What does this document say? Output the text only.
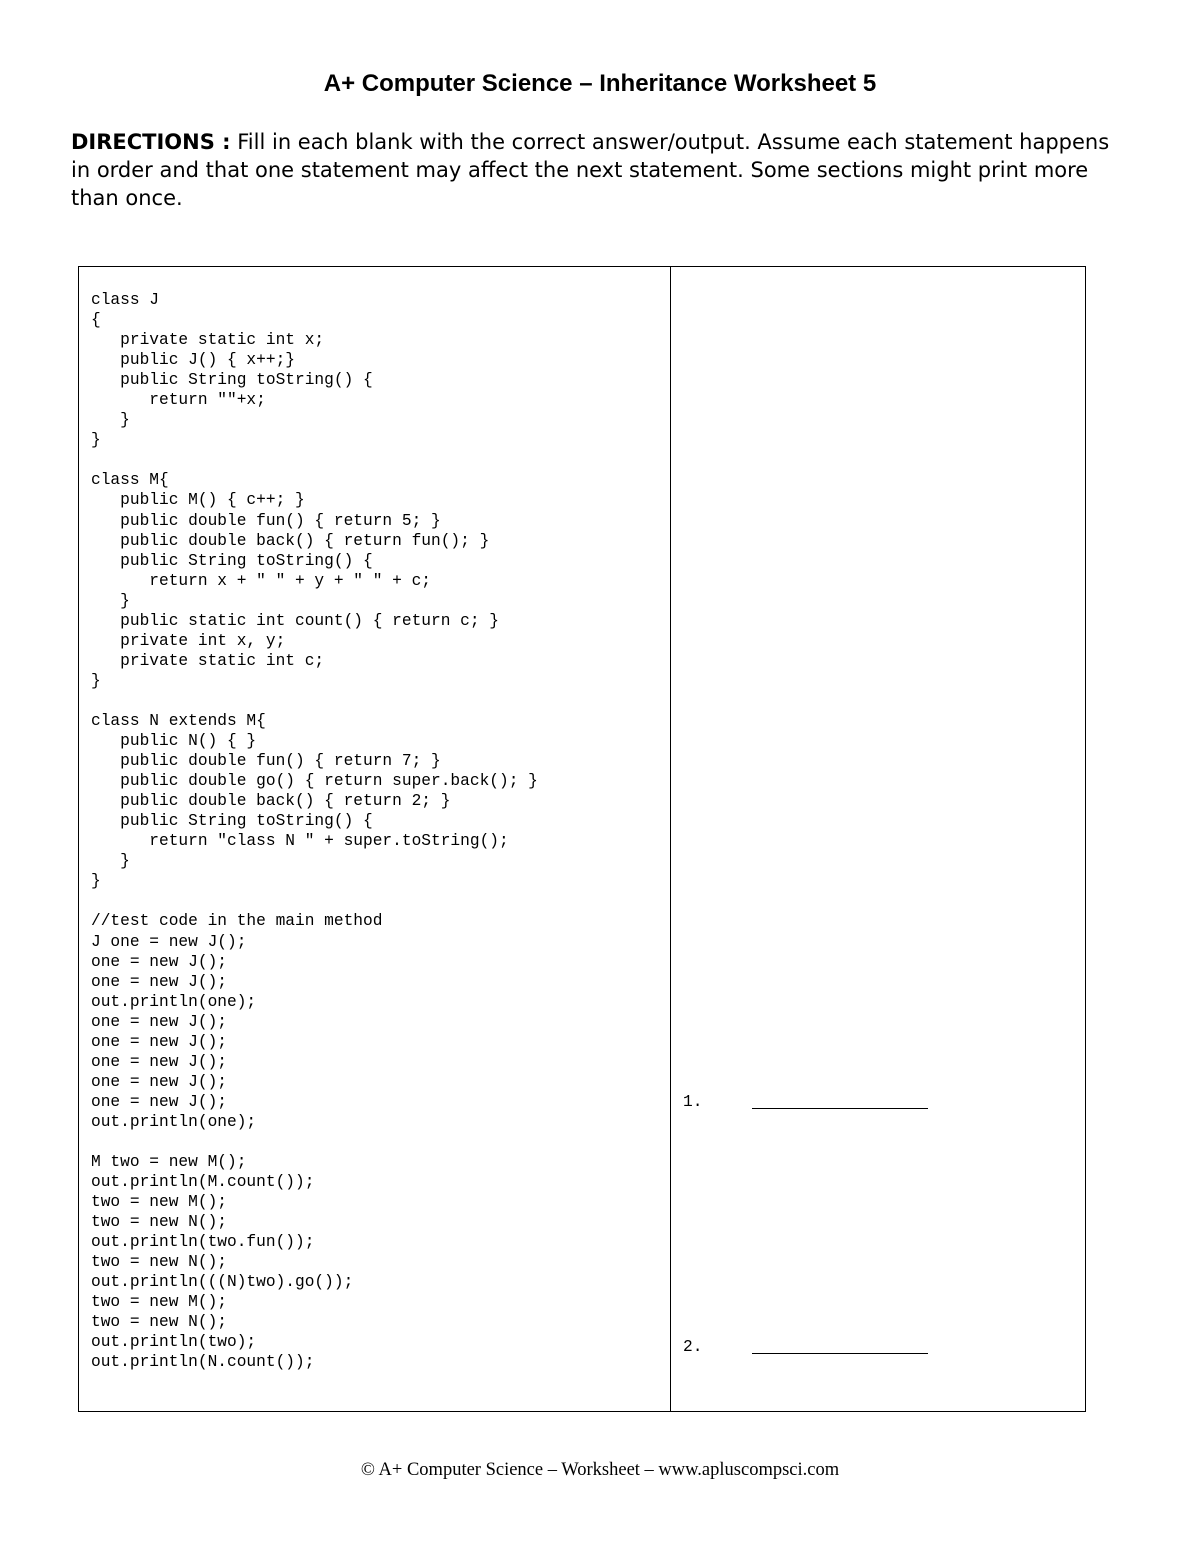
A+ Computer Science – Inheritance Worksheet 5
DIRECTIONS : Fill in each blank with the correct answer/output. Assume each statement happens in order and that one statement may affect the next statement. Some sections might print more than once.
class J
{
private static int x;
public J() { x++;}
public String toString() {
return ""+x;
}
}

class M{
public M() { c++; }
public double fun() { return 5; }
public double back() { return fun(); }
public String toString() {
return x + " " + y + " " + c;
}
public static int count() { return c; }
private int x, y;
private static int c;
}

class N extends M{
public N() { }
public double fun() { return 7; }
public double go() { return super.back(); }
public double back() { return 2; }
public String toString() {
return "class N " + super.toString();
}
}

//test code in the main method
J one = new J();
one = new J();
one = new J();
out.println(one);
one = new J();
one = new J();
one = new J();
one = new J();
one = new J();
out.println(one);

M two = new M();
out.println(M.count());
two = new M();
two = new N();
out.println(two.fun());
two = new N();
out.println(((N)two).go());
two = new M();
two = new N();
out.println(two);
out.println(N.count());
1.
2.
© A+ Computer Science – Worksheet – www.apluscompsci.com
